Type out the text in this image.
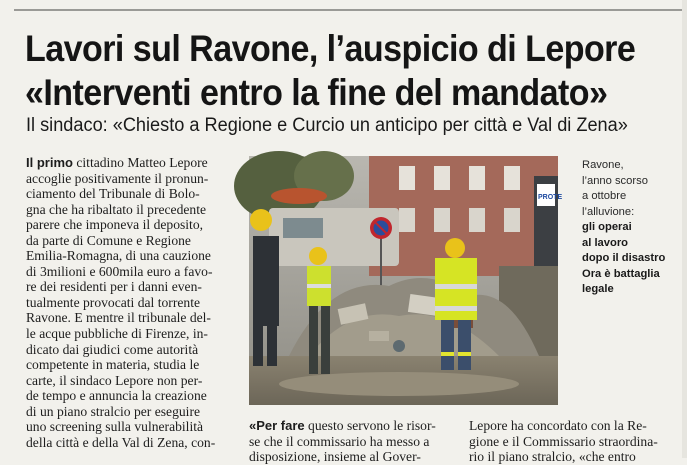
Lavori sul Ravone, l’auspicio di Lepore
«Interventi entro la fine del mandato»

Il sindaco: «Chiesto a Regione e Curcio un anticipo per città e Val di Zena»

Il primo cittadino Matteo Lepore
accoglie positivamente il pronun-
ciamento del Tribunale di Bolo-
gna che ha ribaltato il precedente
parere che imponeva il deposito,
da parte di Comune e Regione
Emilia-Romagna, di una cauzione
di 3milioni e 600mila euro a favo-
re dei residenti per i danni even-
tualmente provocati dal torrente
Ravone. E mentre il tribunale del-
le acque pubbliche di Firenze, in-
dicato dai giudici come autorità
competente in materia, studia le
carte, il sindaco Lepore non per-
de tempo e annuncia la creazione
di un piano stralcio per eseguire
uno screening sulla vulnerabilità
della città e della Val di Zena, con-
PROTE
Ravone,
l’anno scorso
a ottobre
l’alluvione:
gli operai
al lavoro
dopo il disastro
Ora è battaglia
legale
«Per fare questo servono le risor-
se che il commissario ha messo a
disposizione, insieme al Gover-
Lepore ha concordato con la Re-
gione e il Commissario straordina-
rio il piano stralcio, «che entro
